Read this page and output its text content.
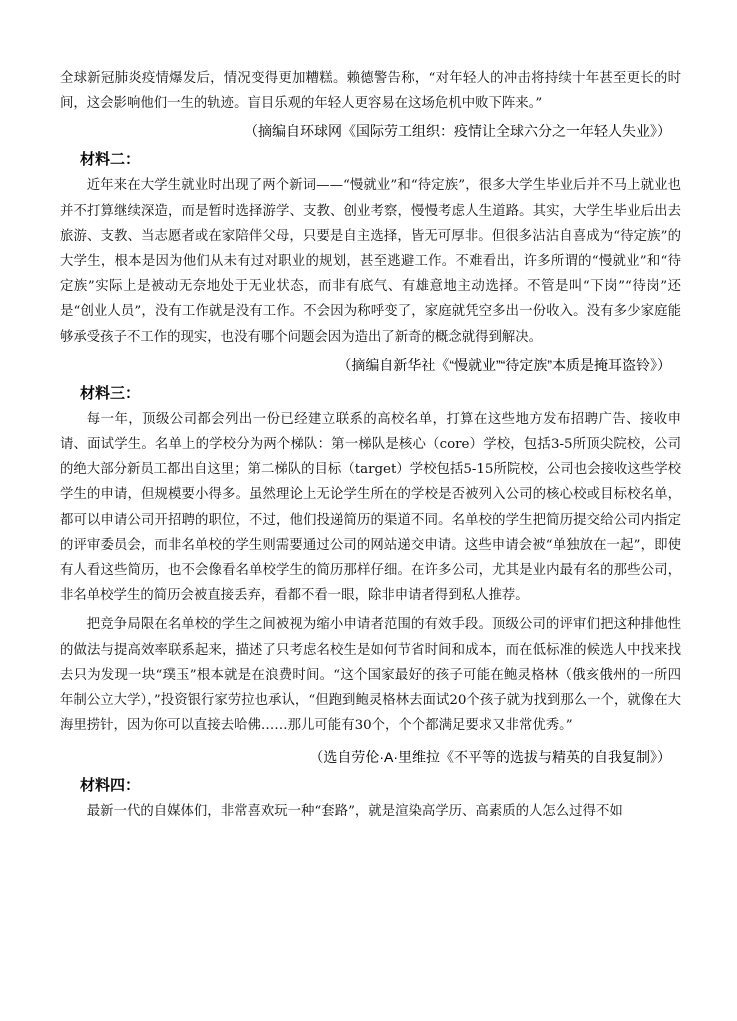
全球新冠肺炎疫情爆发后，情况变得更加糟糕。赖德警告称，“对年轻人的冲击将持续十年甚至更长的时间，这会影响他们一生的轨迹。盲目乐观的年轻人更容易在这场危机中败下阵来。”

（摘编自环球网《国际劳工组织：疫情让全球六分之一年轻人失业》）

材料二：

近年来在大学生就业时出现了两个新词——“慢就业”和“待定族”，很多大学生毕业后并不马上就业也并不打算继续深造，而是暂时选择游学、支教、创业考察，慢慢考虑人生道路。其实，大学生毕业后出去旅游、支教、当志愿者或在家陪伴父母，只要是自主选择，皆无可厚非。但很多沾沾自喜成为“待定族”的大学生，根本是因为他们从未有过对职业的规划，甚至逃避工作。不难看出，许多所谓的“慢就业”和“待定族”实际上是被动无奈地处于无业状态，而非有底气、有雄意地主动选择。不管是叫“下岗”“待岗”还是“创业人员”，没有工作就是没有工作。不会因为称呼变了，家庭就凭空多出一份收入。没有多少家庭能够承受孩子不工作的现实，也没有哪个问题会因为造出了新奇的概念就得到解决。

（摘编自新华社《“慢就业”“待定族”本质是掩耳盗铃》）

材料三：

每一年，顶级公司都会列出一份已经建立联系的高校名单，打算在这些地方发布招聘广告、接收申请、面试学生。名单上的学校分为两个梯队：第一梯队是核心（core）学校，包括3-5所顶尖院校，公司的绝大部分新员工都出自这里；第二梯队的目标（target）学校包括5-15所院校，公司也会接收这些学校学生的申请，但规模要小得多。虽然理论上无论学生所在的学校是否被列入公司的核心校或目标校名单，都可以申请公司开招聘的职位，不过，他们投递简历的渠道不同。名单校的学生把简历提交给公司内指定的评审委员会，而非名单校的学生则需要通过公司的网站递交申请。这些申请会被“单独放在一起”，即使有人看这些简历，也不会像看名单校学生的简历那样仔细。在许多公司，尤其是业内最有名的那些公司，非名单校学生的简历会被直接丢弃，看都不看一眼，除非申请者得到私人推荐。

把竞争局限在名单校的学生之间被视为缩小申请者范围的有效手段。顶级公司的评审们把这种排他性的做法与提高效率联系起来，描述了只考虑名校生是如何节省时间和成本，而在低标准的候选人中找来找去只为发现一块“璞玉”根本就是在浪费时间。“这个国家最好的孩子可能在鲍灵格林（俄亥俄州的一所四年制公立大学），”投资银行家劳拉也承认，“但跑到鲍灵格林去面试20个孩子就为找到那么一个，就像在大海里捞针，因为你可以直接去哈佛……那儿可能有30个，个个都满足要求又非常优秀。”

（选自劳伦·A·里维拉《不平等的选拔与精英的自我复制》）

材料四：

最新一代的自媒体们，非常喜欢玩一种“套路”，就是渲染高学历、高素质的人怎么过得不如
